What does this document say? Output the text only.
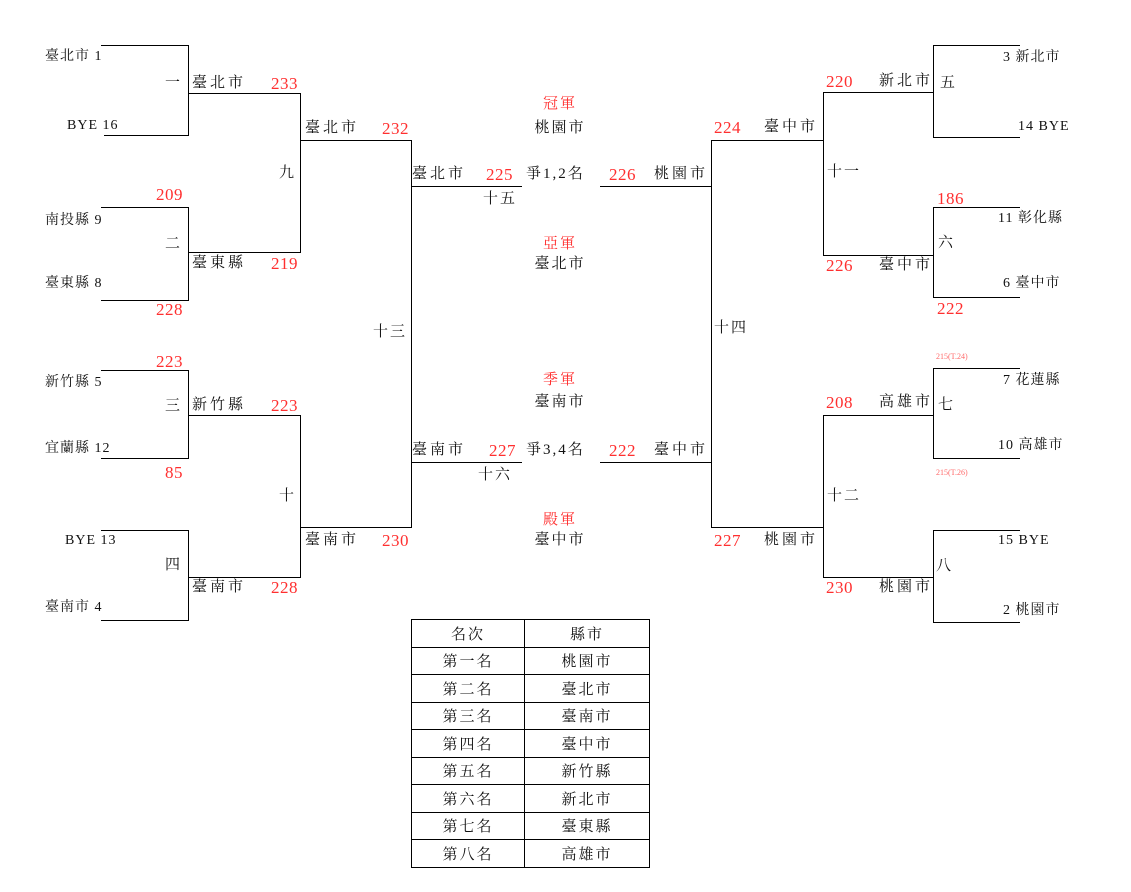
臺北市 1
BYE 16
南投縣 9
臺東縣 8
新竹縣 5
宜蘭縣 12
BYE 13
臺南市 4
209
228
223
85
一
二
三
四
九
十
十三
臺北市 233
臺東縣 219
新竹縣 223
臺南市 228
臺北市 232
臺南市 230
臺北市 225 爭1,2名 226 桃園市
十五
臺南市 227 爭3,4名 222 臺中市
十六
冠軍
桃園市
亞軍
臺北市
季軍
臺南市
殿軍
臺中市
220 新北市
226 臺中市
208 高雄市
230 桃園市
224 臺中市
227 桃園市
五
六
七
八
十一
十二
十四
3 新北市
14 BYE
11 彰化縣
6 臺中市
7 花蓮縣
10 高雄市
15 BYE
2 桃園市
186
222
215(T.24)
215(T.26)
名次	縣市
第一名	桃園市
第二名	臺北市
第三名	臺南市
第四名	臺中市
第五名	新竹縣
第六名	新北市
第七名	臺東縣
第八名	高雄市
